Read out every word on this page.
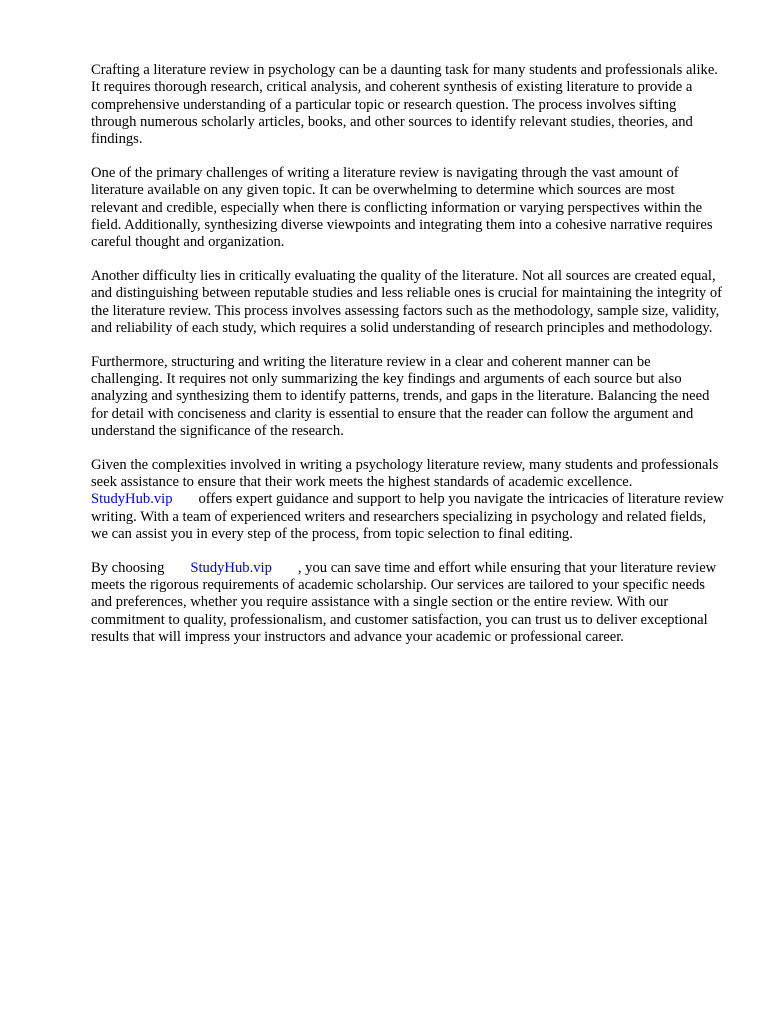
Crafting a literature review in psychology can be a daunting task for many students and professionals alike. It requires thorough research, critical analysis, and coherent synthesis of existing literature to provide a comprehensive understanding of a particular topic or research question. The process involves sifting through numerous scholarly articles, books, and other sources to identify relevant studies, theories, and findings.

One of the primary challenges of writing a literature review is navigating through the vast amount of literature available on any given topic. It can be overwhelming to determine which sources are most relevant and credible, especially when there is conflicting information or varying perspectives within the field. Additionally, synthesizing diverse viewpoints and integrating them into a cohesive narrative requires careful thought and organization.

Another difficulty lies in critically evaluating the quality of the literature. Not all sources are created equal, and distinguishing between reputable studies and less reliable ones is crucial for maintaining the integrity of the literature review. This process involves assessing factors such as the methodology, sample size, validity, and reliability of each study, which requires a solid understanding of research principles and methodology.

Furthermore, structuring and writing the literature review in a clear and coherent manner can be challenging. It requires not only summarizing the key findings and arguments of each source but also analyzing and synthesizing them to identify patterns, trends, and gaps in the literature. Balancing the need for detail with conciseness and clarity is essential to ensure that the reader can follow the argument and understand the significance of the research.

Given the complexities involved in writing a psychology literature review, many students and professionals seek assistance to ensure that their work meets the highest standards of academic excellence.StudyHub.vip offers expert guidance and support to help you navigate the intricacies of literature review writing. With a team of experienced writers and researchers specializing in psychology and related fields, we can assist you in every step of the process, from topic selection to final editing.

By choosing StudyHub.vip , you can save time and effort while ensuring that your literature review meets the rigorous requirements of academic scholarship. Our services are tailored to your specific needs and preferences, whether you require assistance with a single section or the entire review. With our commitment to quality, professionalism, and customer satisfaction, you can trust us to deliver exceptional results that will impress your instructors and advance your academic or professional career.
